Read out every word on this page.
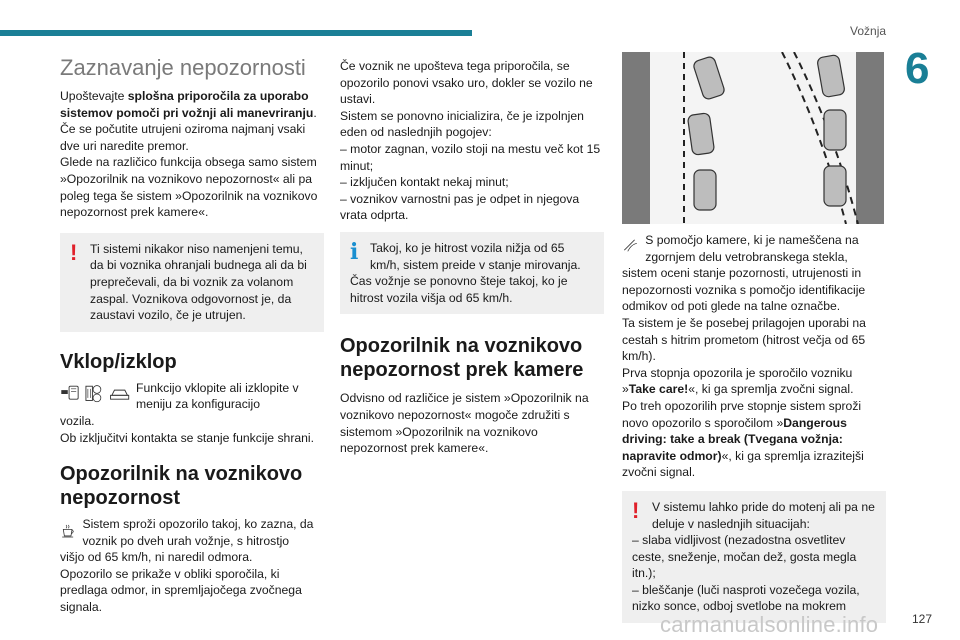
Vožnja
6
Zaznavanje nepozornosti

Upoštevajte splošna priporočila za uporabo sistemov pomoči pri vožnji ali manevriranju.

Če se počutite utrujeni oziroma najmanj vsaki dve uri naredite premor.

Glede na različico funkcija obsega samo sistem »Opozorilnik na voznikovo nepozornost« ali pa poleg tega še sistem »Opozorilnik na voznikovo nepozornost prek kamere«.

!	Ti sistemi nikakor niso namenjeni temu, da bi voznika ohranjali budnega ali da bi preprečevali, da bi voznik za volanom zaspal. Voznikova odgovornost je, da zaustavi vozilo, če je utrujen.

Vklop/izklop
Funkcijo vklopite ali izklopite v meniju za konfiguracijo

vozila.

Ob izključitvi kontakta se stanje funkcije shrani.

Opozorilnik na voznikovo nepozornost
Sistem sproži opozorilo takoj, ko zazna, da voznik po dveh urah vožnje, s hitrostjo

višjo od 65 km/h, ni naredil odmora.

Opozorilo se prikaže v obliki sporočila, ki predlaga odmor, in spremljajočega zvočnega signala.

Če voznik ne upošteva tega priporočila, se opozorilo ponovi vsako uro, dokler se vozilo ne ustavi.

Sistem se ponovno inicializira, če je izpolnjen eden od naslednjih pogojev:

– motor zagnan, vozilo stoji na mestu več kot 15 minut;

– izključen kontakt nekaj minut;

– voznikov varnostni pas je odpet in njegova vrata odprta.

i Takoj, ko je hitrost vozila nižja od 65 km/h, sistem preide v stanje mirovanja.

Čas vožnje se ponovno šteje takoj, ko je hitrost vozila višja od 65 km/h.

Opozorilnik na voznikovo nepozornost prek kamere

Odvisno od različice je sistem »Opozorilnik na voznikovo nepozornost« mogoče združiti s sistemom »Opozorilnik na voznikovo nepozornost prek kamere«.

S pomočjo kamere, ki je nameščena na zgornjem delu vetrobranskega stekla,

sistem oceni stanje pozornosti, utrujenosti in nepozornosti voznika s pomočjo identifikacije odmikov od poti glede na talne označbe.

Ta sistem je še posebej prilagojen uporabi na cestah s hitrim prometom (hitrost večja od 65 km/h).

Prva stopnja opozorila je sporočilo vozniku »Take care!«, ki ga spremlja zvočni signal.

Po treh opozorilih prve stopnje sistem sproži novo opozorilo s sporočilom »Dangerous driving: take a break (Tvegana vožnja: napravite odmor)«, ki ga spremlja izrazitejši zvočni signal.

!	V sistemu lahko pride do motenj ali pa ne deluje v naslednjih situacijah:

– slaba vidljivost (nezadostna osvetlitev ceste, sneženje, močan dež, gosta megla itn.);

– bleščanje (luči nasproti vozečega vozila, nizko sonce, odboj svetlobe na mokrem

carmanualsonline.info	127
